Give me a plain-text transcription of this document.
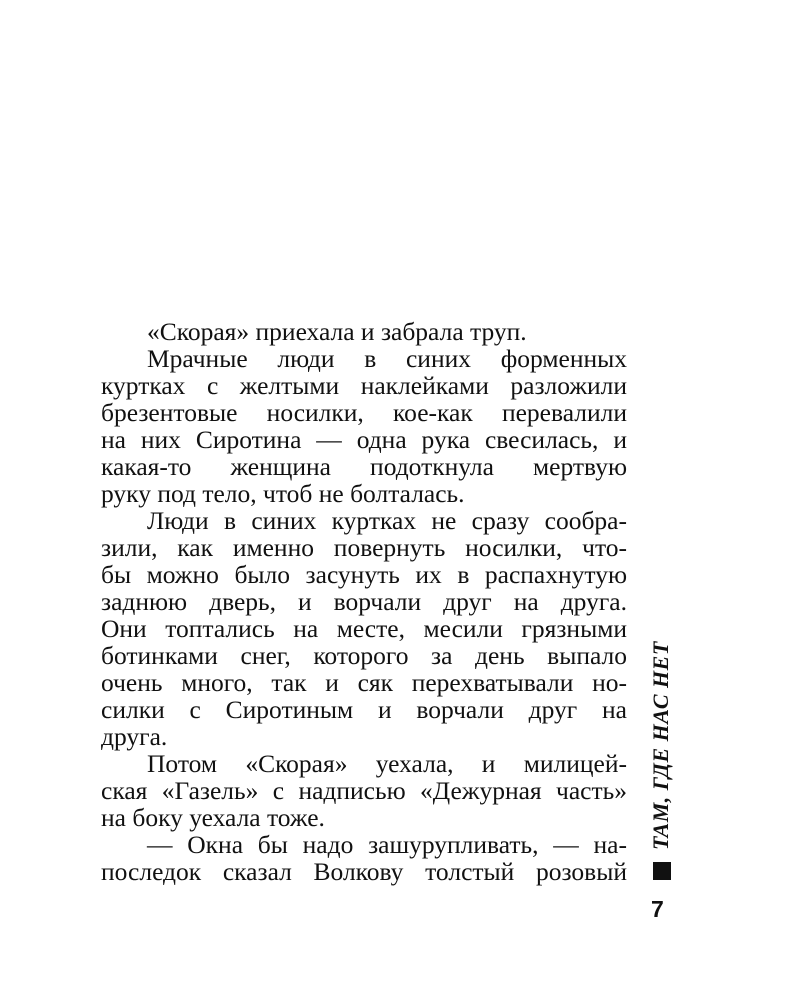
«Скорая» приехала и забрала труп.
Мрачные люди в синих форменных
куртках с желтыми наклейками разложили
брезентовые носилки, кое-как перевалили
на них Сиротина — одна рука свесилась, и
какая-то женщина подоткнула мертвую
руку под тело, чтоб не болталась.
Люди в синих куртках не сразу сообра-
зили, как именно повернуть носилки, что-
бы можно было засунуть их в распахнутую
заднюю дверь, и ворчали друг на друга.
Они топтались на месте, месили грязными
ботинками снег, которого за день выпало
очень много, так и сяк перехватывали но-
силки с Сиротиным и ворчали друг на
друга.
Потом «Скорая» уехала, и милицей-
ская «Газель» с надписью «Дежурная часть»
на боку уехала тоже.
— Окна бы надо зашурупливать, — на-
последок сказал Волкову толстый розовый
ТАМ, ГДЕ НАС НЕТ
7
